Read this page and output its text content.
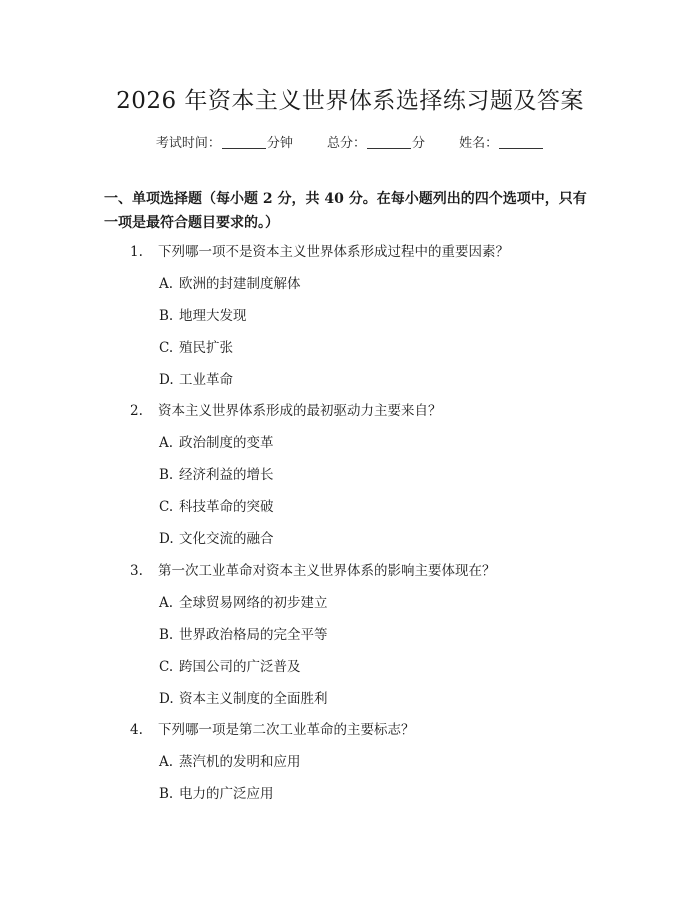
2026 年资本主义世界体系选择练习题及答案
考试时间：	分钟	总分：	分	姓名：

一、单项选择题（每小题 2 分，共 40 分。在每小题列出的四个选项中，只有一项是最符合题目要求的。）

1. 下列哪一项不是资本主义世界体系形成过程中的重要因素？
A. 欧洲的封建制度解体
B. 地理大发现
C. 殖民扩张
D. 工业革命
2. 资本主义世界体系形成的最初驱动力主要来自？
A. 政治制度的变革
B. 经济利益的增长
C. 科技革命的突破
D. 文化交流的融合
3. 第一次工业革命对资本主义世界体系的影响主要体现在？
A. 全球贸易网络的初步建立
B. 世界政治格局的完全平等
C. 跨国公司的广泛普及
D. 资本主义制度的全面胜利
4. 下列哪一项是第二次工业革命的主要标志？
A. 蒸汽机的发明和应用
B. 电力的广泛应用
